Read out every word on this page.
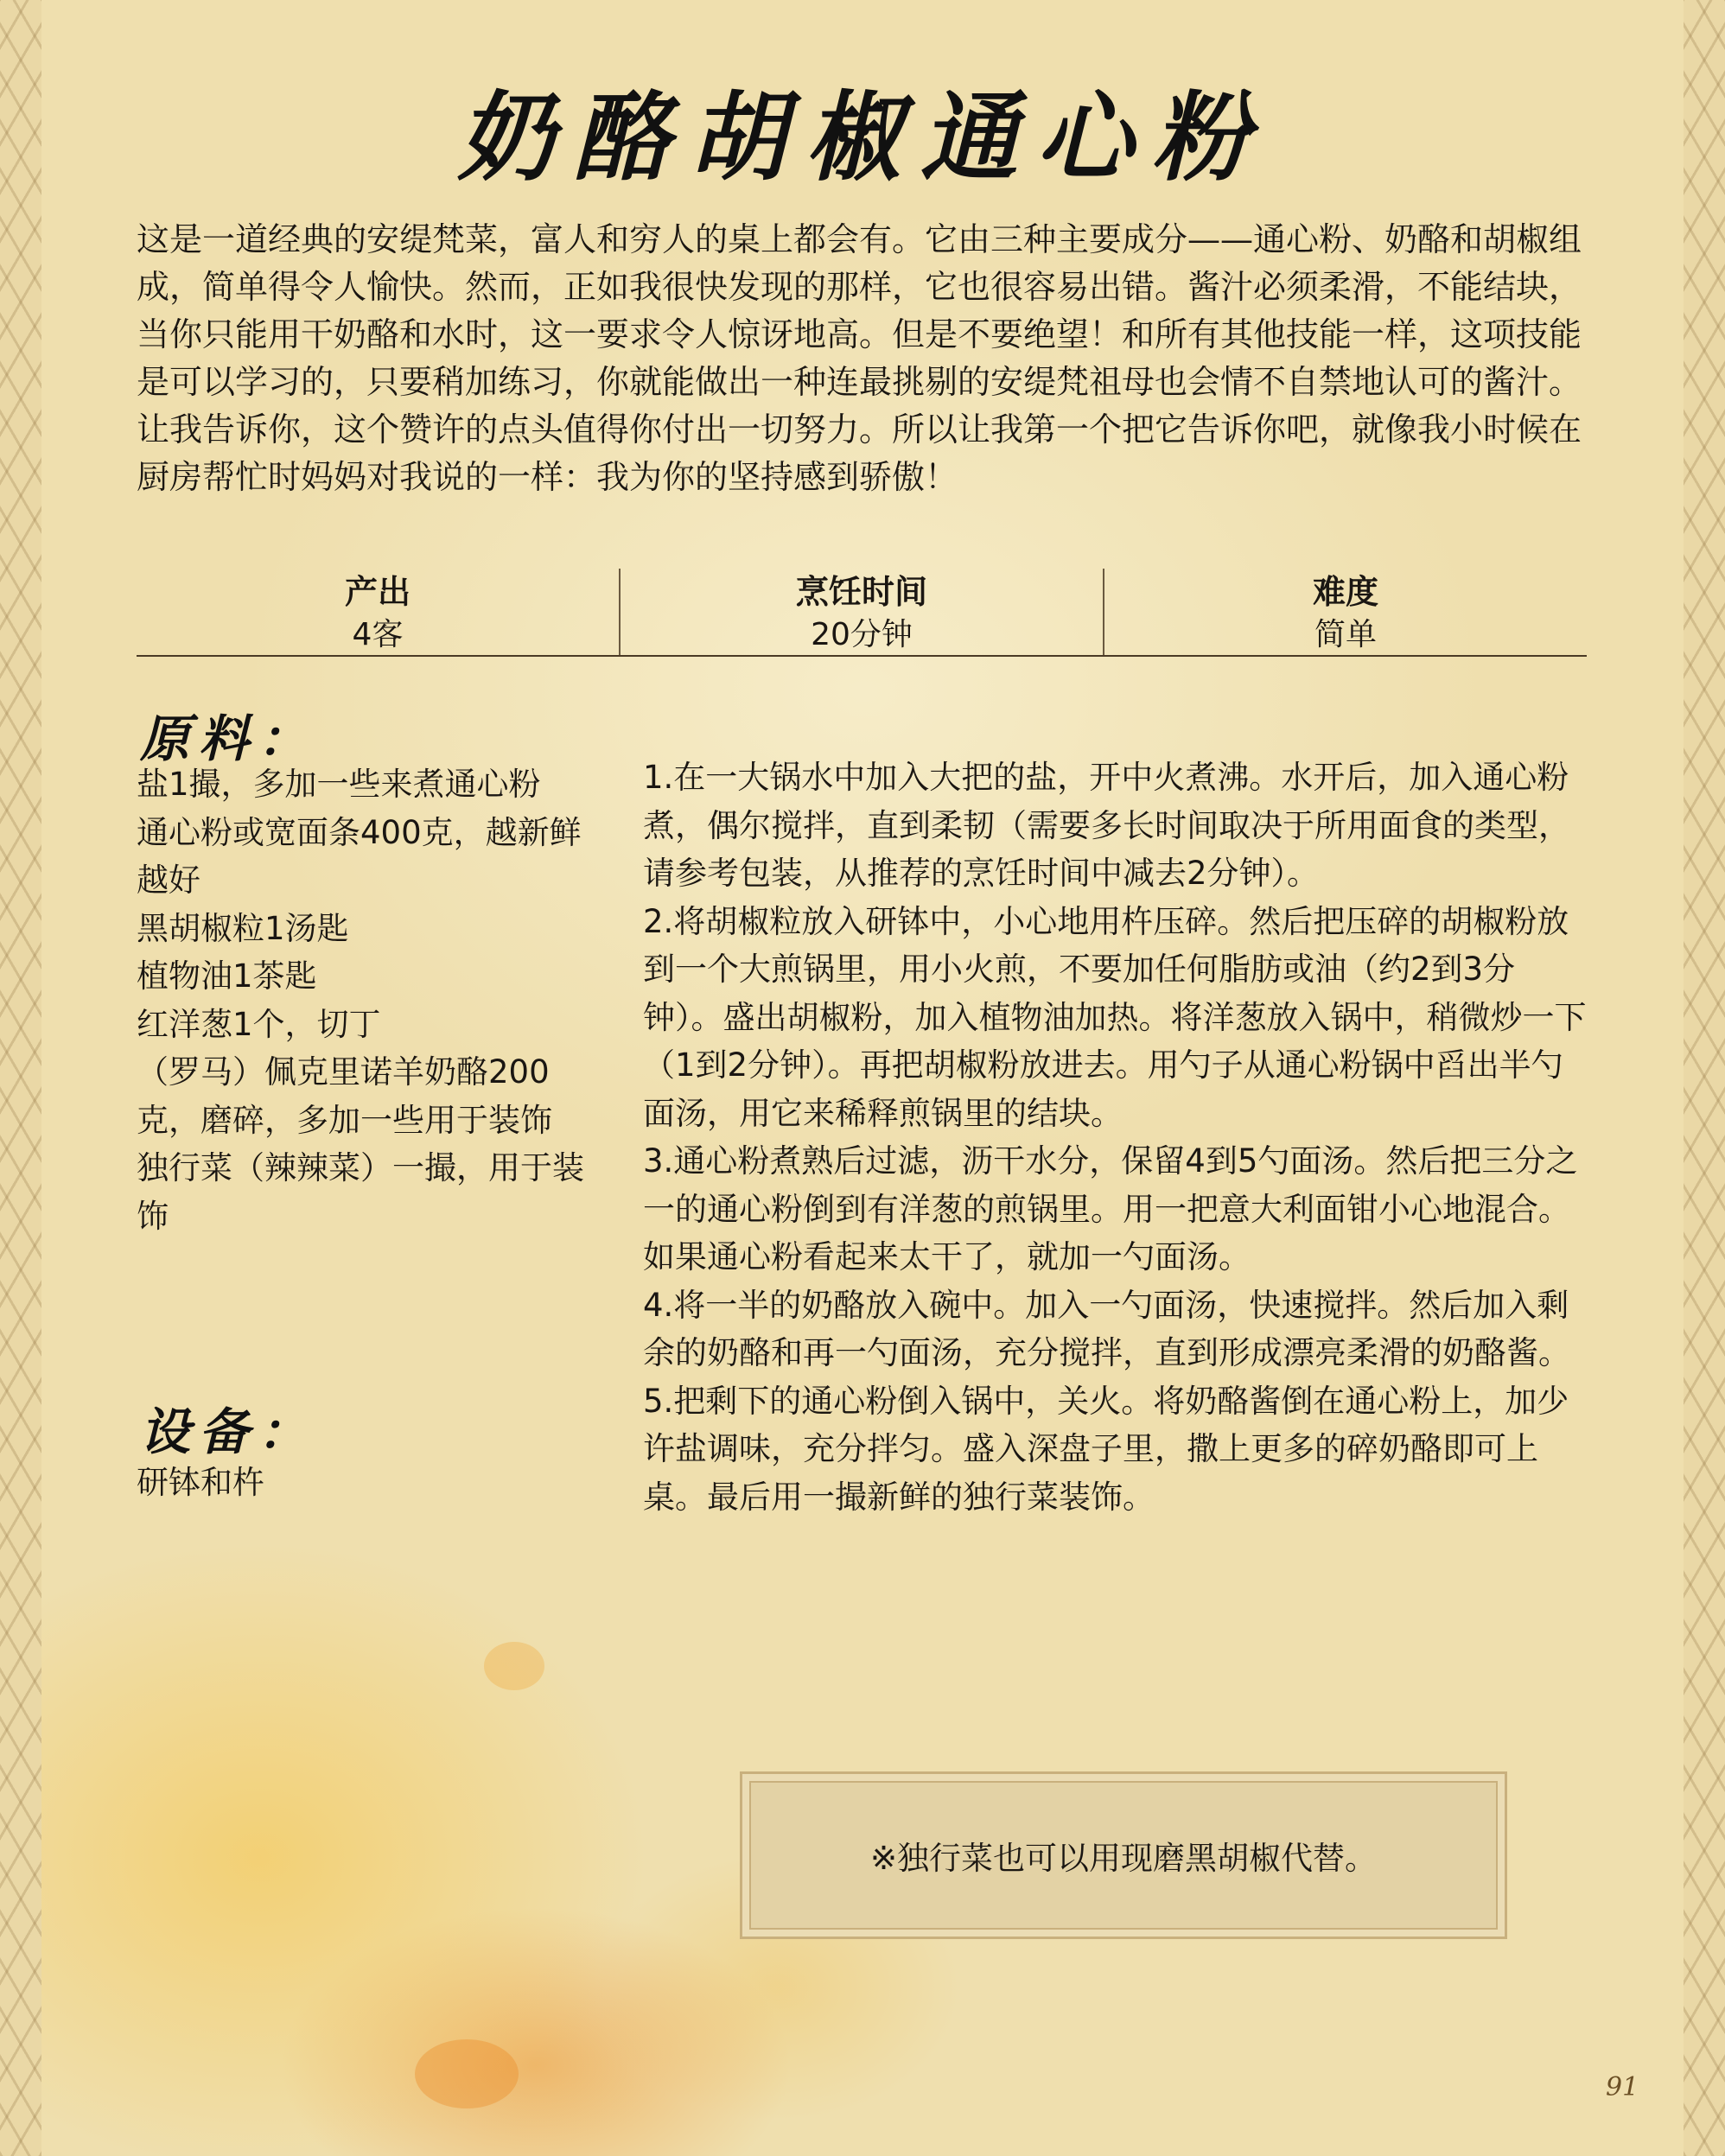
奶酪胡椒通心粉

这是一道经典的安缇梵菜，富人和穷人的桌上都会有。它由三种主要成分——通心粉、奶酪和胡椒组成，简单得令人愉快。然而，正如我很快发现的那样，它也很容易出错。酱汁必须柔滑，不能结块，当你只能用干奶酪和水时，这一要求令人惊讶地高。但是不要绝望！和所有其他技能一样，这项技能是可以学习的，只要稍加练习，你就能做出一种连最挑剔的安缇梵祖母也会情不自禁地认可的酱汁。让我告诉你，这个赞许的点头值得你付出一切努力。所以让我第一个把它告诉你吧，就像我小时候在厨房帮忙时妈妈对我说的一样：我为你的坚持感到骄傲！

产出
4客
烹饪时间
20分钟
难度
简单
原料：
盐1撮，多加一些来煮通心粉
通心粉或宽面条400克，越新鲜越好
黑胡椒粒1汤匙
植物油1茶匙
红洋葱1个，切丁
（罗马）佩克里诺羊奶酪200克，磨碎，多加一些用于装饰
独行菜（辣辣菜）一撮，用于装饰
设备：
研钵和杵
1.在一大锅水中加入大把的盐，开中火煮沸。水开后，加入通心粉煮，偶尔搅拌，直到柔韧（需要多长时间取决于所用面食的类型，请参考包装，从推荐的烹饪时间中减去2分钟）。
2.将胡椒粒放入研钵中，小心地用杵压碎。然后把压碎的胡椒粉放到一个大煎锅里，用小火煎，不要加任何脂肪或油（约2到3分钟）。盛出胡椒粉，加入植物油加热。将洋葱放入锅中，稍微炒一下（1到2分钟）。再把胡椒粉放进去。用勺子从通心粉锅中舀出半勺面汤，用它来稀释煎锅里的结块。
3.通心粉煮熟后过滤，沥干水分，保留4到5勺面汤。然后把三分之一的通心粉倒到有洋葱的煎锅里。用一把意大利面钳小心地混合。如果通心粉看起来太干了，就加一勺面汤。
4.将一半的奶酪放入碗中。加入一勺面汤，快速搅拌。然后加入剩余的奶酪和再一勺面汤，充分搅拌，直到形成漂亮柔滑的奶酪酱。
5.把剩下的通心粉倒入锅中，关火。将奶酪酱倒在通心粉上，加少许盐调味，充分拌匀。盛入深盘子里，撒上更多的碎奶酪即可上桌。最后用一撮新鲜的独行菜装饰。
※独行菜也可以用现磨黑胡椒代替。
91
